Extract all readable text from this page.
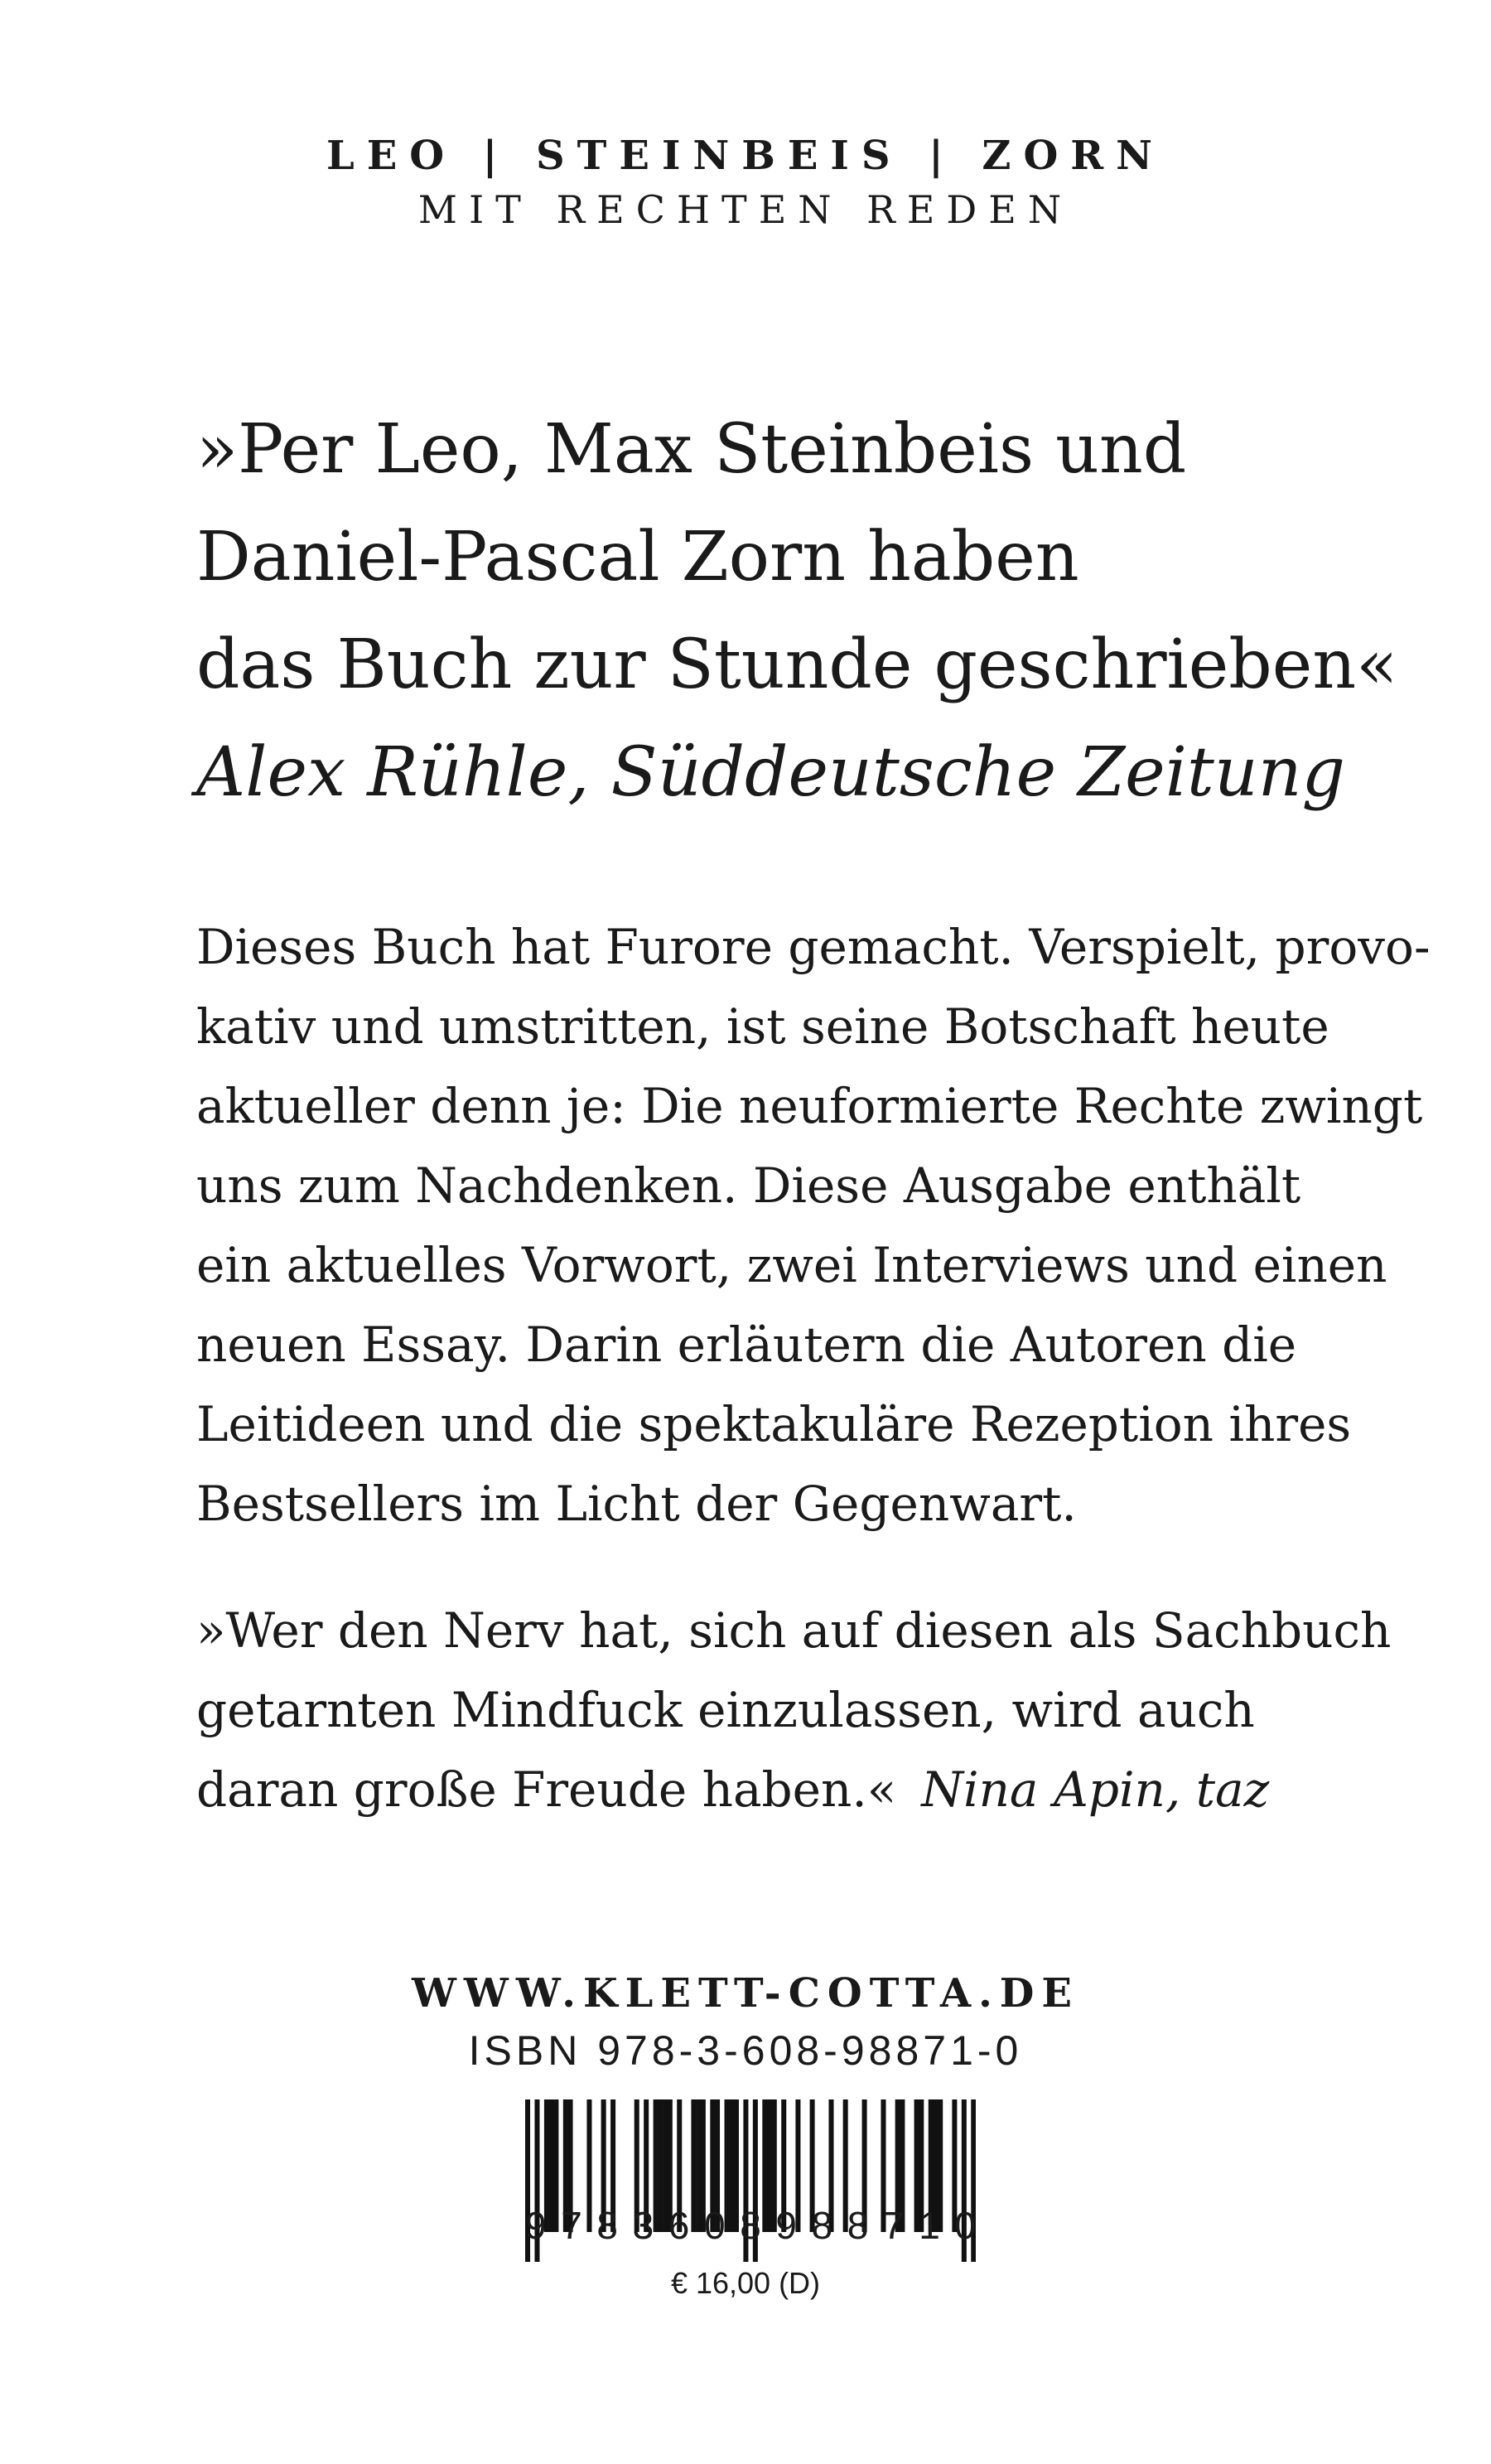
LEO | STEINBEIS | ZORN
MIT RECHTEN REDEN
»Per Leo, Max Steinbeis und
Daniel-Pascal Zorn haben
das Buch zur Stunde geschrieben«
Alex Rühle, Süddeutsche Zeitung
Dieses Buch hat Furore gemacht. Verspielt, provo-
kativ und umstritten, ist seine Botschaft heute
aktueller denn je: Die neuformierte Rechte zwingt
uns zum Nachdenken. Diese Ausgabe enthält
ein aktuelles Vorwort, zwei Interviews und einen
neuen Essay. Darin erläutern die Autoren die
Leitideen und die spektakuläre Rezeption ihres
Bestsellers im Licht der Gegenwart.
»Wer den Nerv hat, sich auf diesen als Sachbuch
getarnten Mindfuck einzulassen, wird auch
daran große Freude haben.« Nina Apin, taz
WWW.KLETT-COTTA.DE
ISBN 978-3-608-98871-0
9783608988710
€ 16,00 (D)
